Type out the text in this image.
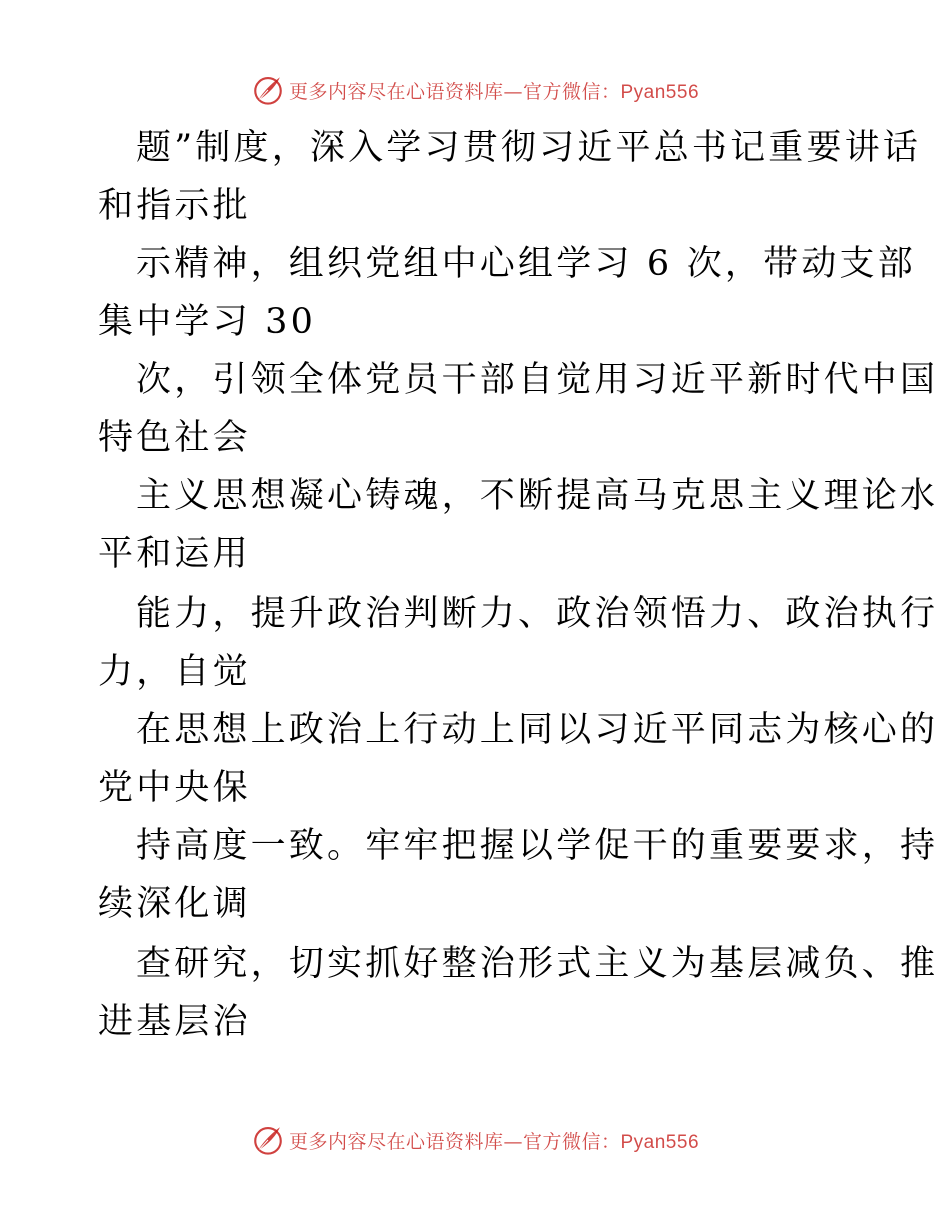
更多内容尽在心语资料库—官方微信：Pyan556
题”制度，深入学习贯彻习近平总书记重要讲话
和指示批
示精神，组织党组中心组学习 6 次，带动支部
集中学习 30
次，引领全体党员干部自觉用习近平新时代中国
特色社会
主义思想凝心铸魂，不断提高马克思主义理论水
平和运用
能力，提升政治判断力、政治领悟力、政治执行
力，自觉
在思想上政治上行动上同以习近平同志为核心的
党中央保
持高度一致。牢牢把握以学促干的重要要求，持
续深化调
查研究，切实抓好整治形式主义为基层减负、推
进基层治
更多内容尽在心语资料库—官方微信：Pyan556
